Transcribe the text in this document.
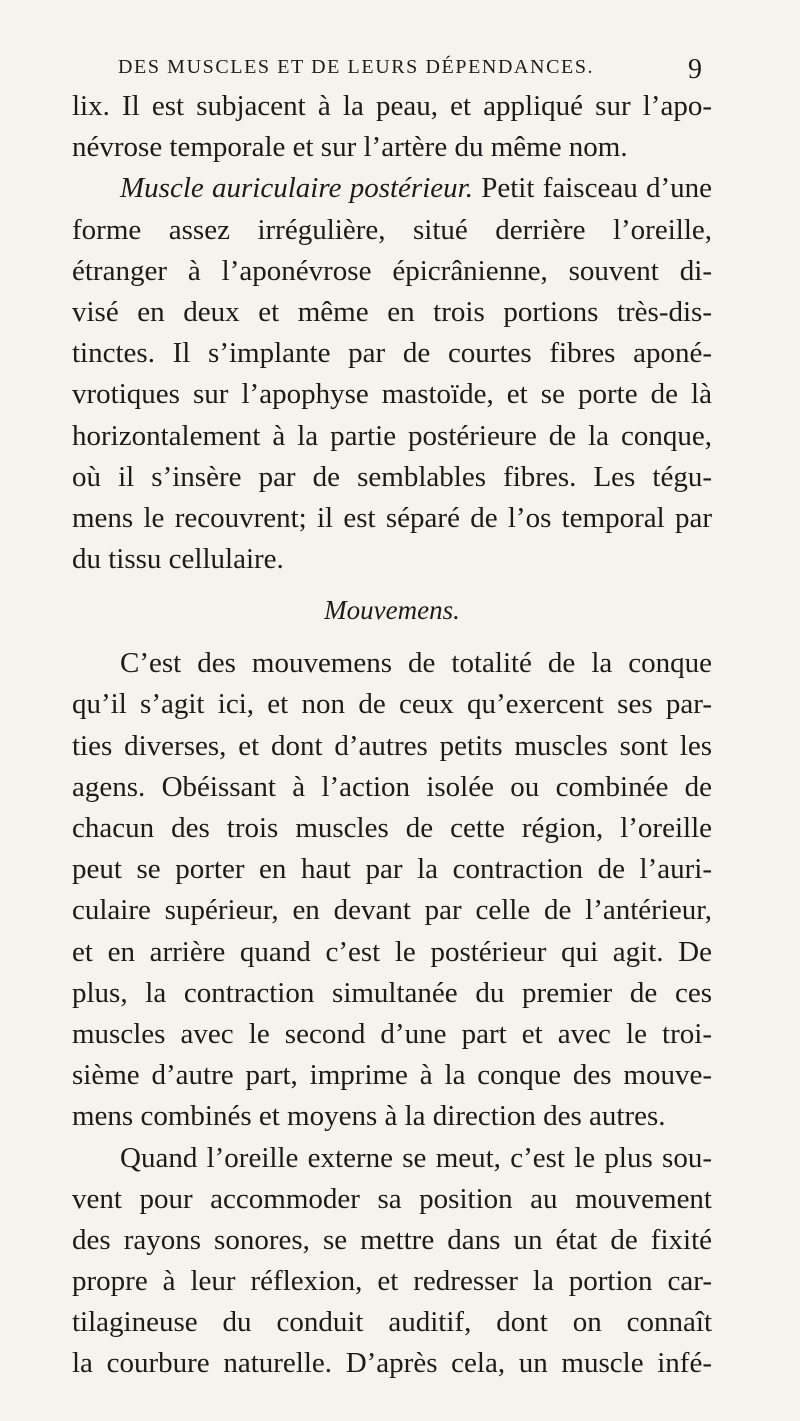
DES MUSCLES ET DE LEURS DÉPENDANCES.	9
lix. Il est subjacent à la peau, et appliqué sur l’apo-
névrose temporale et sur l’artère du même nom.
Muscle auriculaire postérieur. Petit faisceau d’une
forme assez irrégulière, situé derrière l’oreille,
étranger à l’aponévrose épicrânienne, souvent di-
visé en deux et même en trois portions très-dis-
tinctes. Il s’implante par de courtes fibres aponé-
vrotiques sur l’apophyse mastoïde, et se porte de là
horizontalement à la partie postérieure de la conque,
où il s’insère par de semblables fibres. Les tégu-
mens le recouvrent; il est séparé de l’os temporal par
du tissu cellulaire.
Mouvemens.
C’est des mouvemens de totalité de la conque
qu’il s’agit ici, et non de ceux qu’exercent ses par-
ties diverses, et dont d’autres petits muscles sont les
agens. Obéissant à l’action isolée ou combinée de
chacun des trois muscles de cette région, l’oreille
peut se porter en haut par la contraction de l’auri-
culaire supérieur, en devant par celle de l’antérieur,
et en arrière quand c’est le postérieur qui agit. De
plus, la contraction simultanée du premier de ces
muscles avec le second d’une part et avec le troi-
sième d’autre part, imprime à la conque des mouve-
mens combinés et moyens à la direction des autres.
Quand l’oreille externe se meut, c’est le plus sou-
vent pour accommoder sa position au mouvement
des rayons sonores, se mettre dans un état de fixité
propre à leur réflexion, et redresser la portion car-
tilagineuse du conduit auditif, dont on connaît
la courbure naturelle. D’après cela, un muscle infé-
